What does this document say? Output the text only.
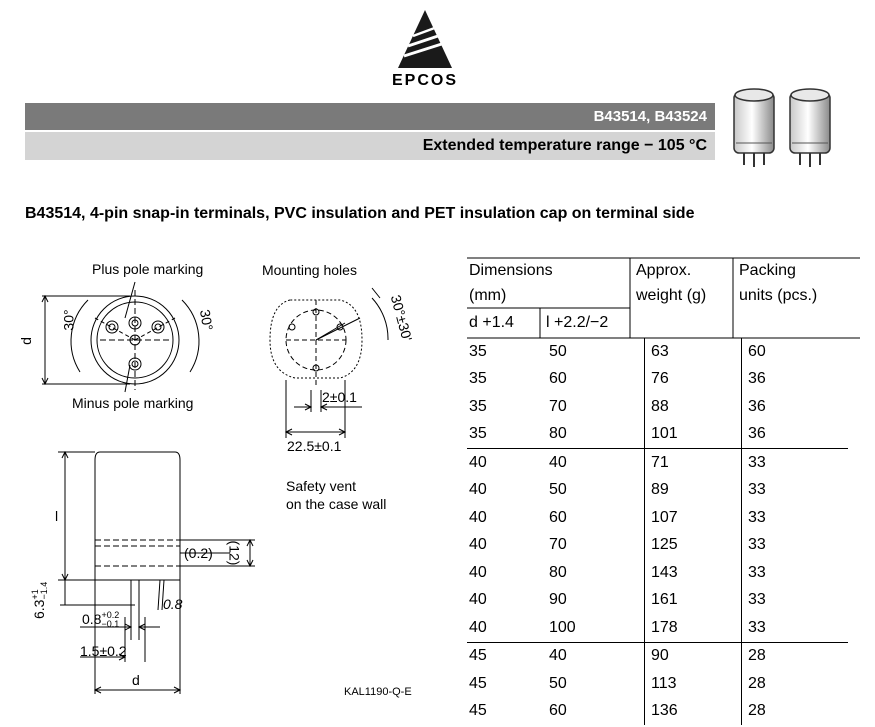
EPCOS
B43514, B43524
Extended temperature range − 105 °C
B43514, 4-pin snap-in terminals, PVC insulation and PET insulation cap on terminal side
Plus pole marking
Minus pole marking
30°	30°
d
Mounting holes
30°±30'
2±0.1
22.5±0.1
Safety vent
on the case wall
l
(0.2) (12)
6.3+1
−1.4
0.8+0.2
−0.1
0.8
1.5±0.2
d
KAL1190-Q-E
Dimensions
(mm)
d +1.4 l +2.2/−2
Approx.
weight (g)
Packing
units (pcs.)
35	50	63	60
35	60	76	36
35	70	88	36
35	80	101	36
40	40	71	33
40	50	89	33
40	60	107	33
40	70	125	33
40	80	143	33
40	90	161	33
40	100	178	33
45	40	90	28
45	50	113	28
45	60	136	28
